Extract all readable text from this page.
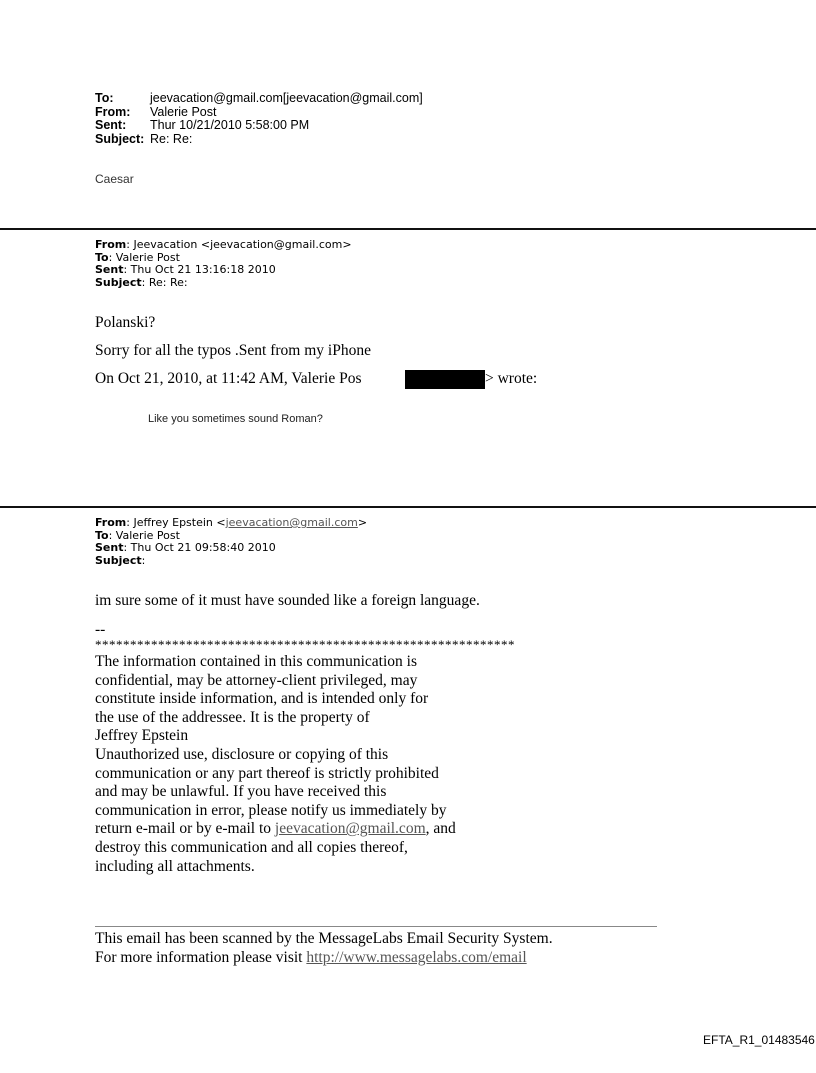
To:	jeevacation@gmail.com[jeevacation@gmail.com]
From: Valerie Post
Sent: Thur 10/21/2010 5:58:00 PM
Subject: Re: Re:
Caesar
From: Jeevacation <jeevacation@gmail.com>
To: Valerie Post
Sent: Thu Oct 21 13:16:18 2010
Subject: Re: Re:
Polanski?
Sorry for all the typos .Sent from my iPhone
On Oct 21, 2010, at 11:42 AM, Valerie Pos	> wrote:
Like you sometimes sound Roman?
From: Jeffrey Epstein <jeevacation@gmail.com>
To: Valerie Post
Sent: Thu Oct 21 09:58:40 2010
Subject:
im sure some of it must have sounded like a foreign language.
--
************************************************************
The information contained in this communication is
confidential, may be attorney-client privileged, may
constitute inside information, and is intended only for
the use of the addressee. It is the property of
Jeffrey Epstein
Unauthorized use, disclosure or copying of this
communication or any part thereof is strictly prohibited
and may be unlawful. If you have received this
communication in error, please notify us immediately by
return e-mail or by e-mail to jeevacation@gmail.com, and
destroy this communication and all copies thereof,
including all attachments.
This email has been scanned by the MessageLabs Email Security System.
For more information please visit http://www.messagelabs.com/email
EFTA_R1_01483546
